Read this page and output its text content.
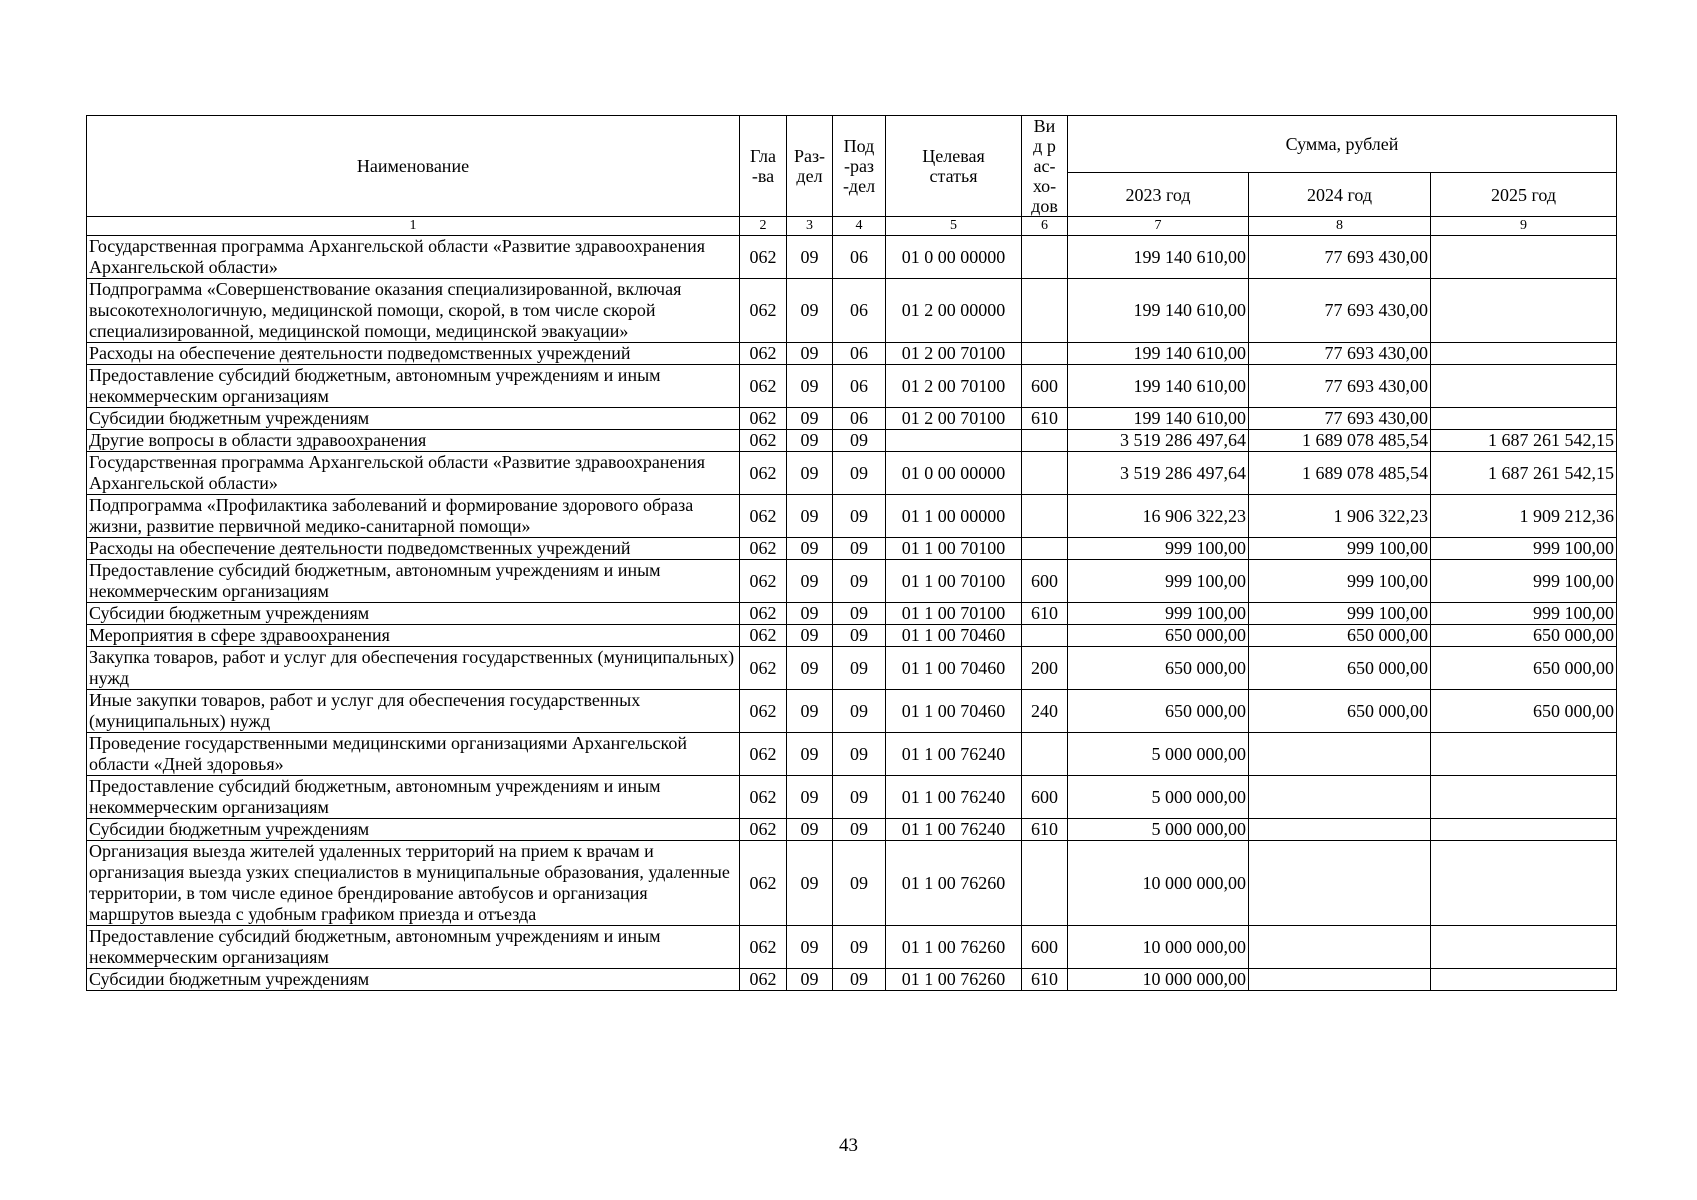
Наименование	Гла-ва	Раз-дел	Под-раз-дел	Целевая статья	Вид рас-хо-дов	Сумма, рублей		
						2023 год	2024 год	2025 год
1	2	3	4	5	6	7	8	9
Государственная программа Архангельской области «Развитие здравоохранения Архангельской области»	062	09	06	01 0 00 00000		199 140 610,00	77 693 430,00	
Подпрограмма «Совершенствование оказания специализированной, включая высокотехнологичную, медицинской помощи, скорой, в том числе скорой специализированной, медицинской помощи, медицинской эвакуации»	062	09	06	01 2 00 00000		199 140 610,00	77 693 430,00	
Расходы на обеспечение деятельности подведомственных учреждений	062	09	06	01 2 00 70100		199 140 610,00	77 693 430,00	
Предоставление субсидий бюджетным, автономным учреждениям и иным некоммерческим организациям	062	09	06	01 2 00 70100	600	199 140 610,00	77 693 430,00	
Субсидии бюджетным учреждениям	062	09	06	01 2 00 70100	610	199 140 610,00	77 693 430,00	
Другие вопросы в области здравоохранения	062	09	09			3 519 286 497,64	1 689 078 485,54	1 687 261 542,15
Государственная программа Архангельской области «Развитие здравоохранения Архангельской области»	062	09	09	01 0 00 00000		3 519 286 497,64	1 689 078 485,54	1 687 261 542,15
Подпрограмма «Профилактика заболеваний и формирование здорового образа жизни, развитие первичной медико-санитарной помощи»	062	09	09	01 1 00 00000		16 906 322,23	1 906 322,23	1 909 212,36
Расходы на обеспечение деятельности подведомственных учреждений	062	09	09	01 1 00 70100		999 100,00	999 100,00	999 100,00
Предоставление субсидий бюджетным, автономным учреждениям и иным некоммерческим организациям	062	09	09	01 1 00 70100	600	999 100,00	999 100,00	999 100,00
Субсидии бюджетным учреждениям	062	09	09	01 1 00 70100	610	999 100,00	999 100,00	999 100,00
Мероприятия в сфере здравоохранения	062	09	09	01 1 00 70460		650 000,00	650 000,00	650 000,00
Закупка товаров, работ и услуг для обеспечения государственных (муниципальных) нужд	062	09	09	01 1 00 70460	200	650 000,00	650 000,00	650 000,00
Иные закупки товаров, работ и услуг для обеспечения государственных (муниципальных) нужд	062	09	09	01 1 00 70460	240	650 000,00	650 000,00	650 000,00
Проведение государственными медицинскими организациями Архангельской области «Дней здоровья»	062	09	09	01 1 00 76240		5 000 000,00		
Предоставление субсидий бюджетным, автономным учреждениям и иным некоммерческим организациям	062	09	09	01 1 00 76240	600	5 000 000,00		
Субсидии бюджетным учреждениям	062	09	09	01 1 00 76240	610	5 000 000,00		
Организация выезда жителей удаленных территорий на прием к врачам и организация выезда узких специалистов в муниципальные образования, удаленные территории, в том числе единое брендирование автобусов и организация маршрутов выезда с удобным графиком приезда и отъезда	062	09	09	01 1 00 76260		10 000 000,00		
Предоставление субсидий бюджетным, автономным учреждениям и иным некоммерческим организациям	062	09	09	01 1 00 76260	600	10 000 000,00		
Субсидии бюджетным учреждениям	062	09	09	01 1 00 76260	610	10 000 000,00		
43
